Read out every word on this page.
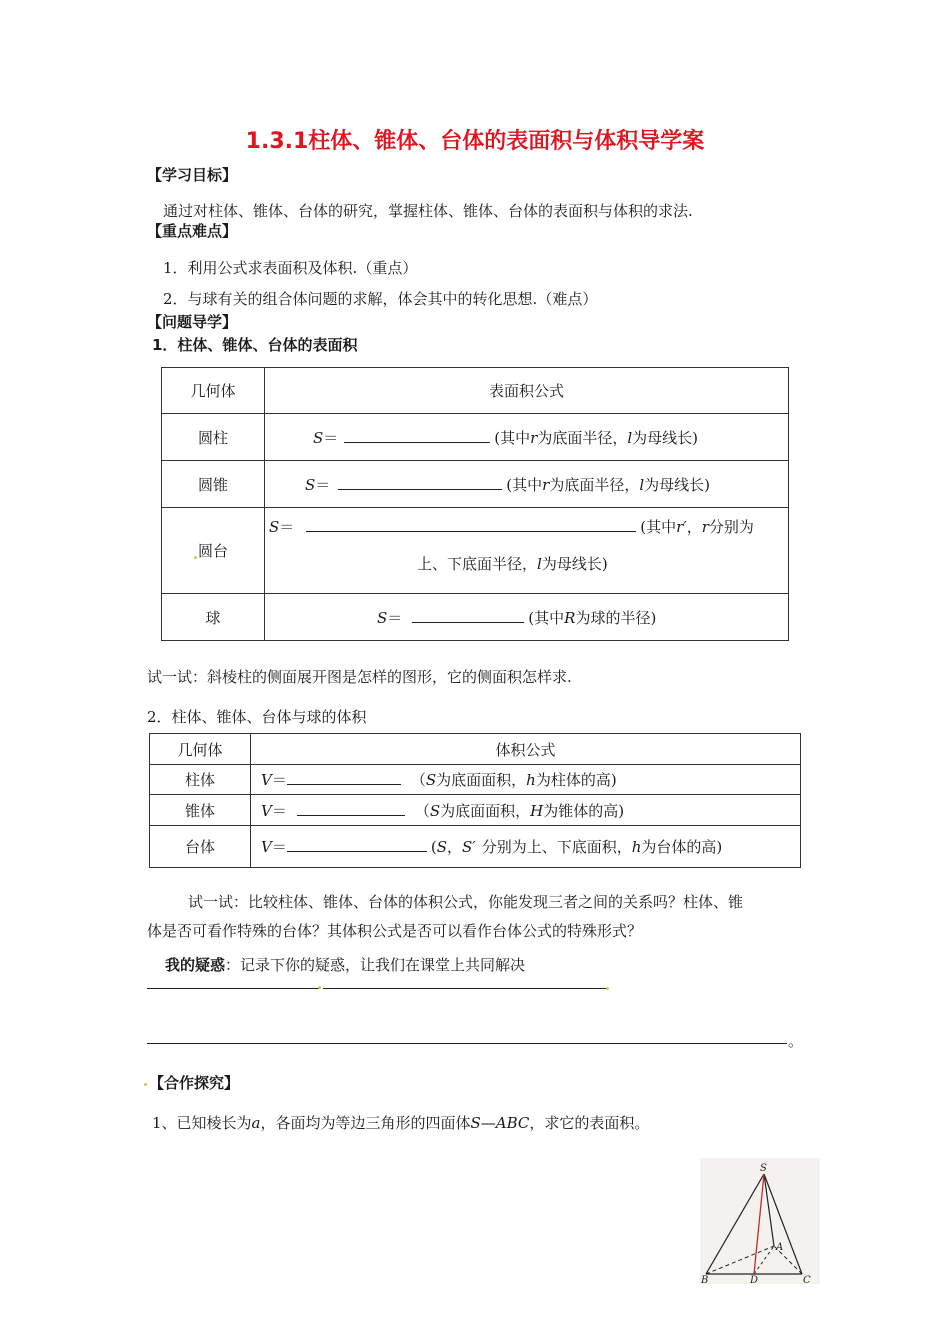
1.3.1柱体、锥体、台体的表面积与体积导学案
【学习目标】
通过对柱体、锥体、台体的研究，掌握柱体、锥体、台体的表面积与体积的求法.
【重点难点】
1．利用公式求表面积及体积.（重点）
2．与球有关的组合体问题的求解，体会其中的转化思想.（难点）
【问题导学】
1．柱体、锥体、台体的表面积
几何体	表面积公式
圆柱	S＝ (其中r为底面半径，l为母线长)
圆锥	S＝ (其中r为底面半径，l为母线长)

圆台	S＝ (其中r′，r分别为
上、下底面半径，l为母线长)

球	S＝ (其中R为球的半径)
试一试：斜棱柱的侧面展开图是怎样的图形，它的侧面积怎样求.
2．柱体、锥体、台体与球的体积
几何体	体积公式
柱体	V＝ （S为底面面积，h为柱体的高)
锥体	V＝ （S为底面面积，H为锥体的高)
台体	V＝ (S，S′ 分别为上、下底面积，h为台体的高)
试一试：比较柱体、锥体、台体的体积公式，你能发现三者之间的关系吗？柱体、锥
体是否可看作特殊的台体？其体积公式是否可以看作台体公式的特殊形式？
我的疑惑：记录下你的疑惑，让我们在课堂上共同解决
。
【合作探究】
1、已知棱长为a，各面均为等边三角形的四面体S—ABC，求它的表面积。
S
A
B	C
D
